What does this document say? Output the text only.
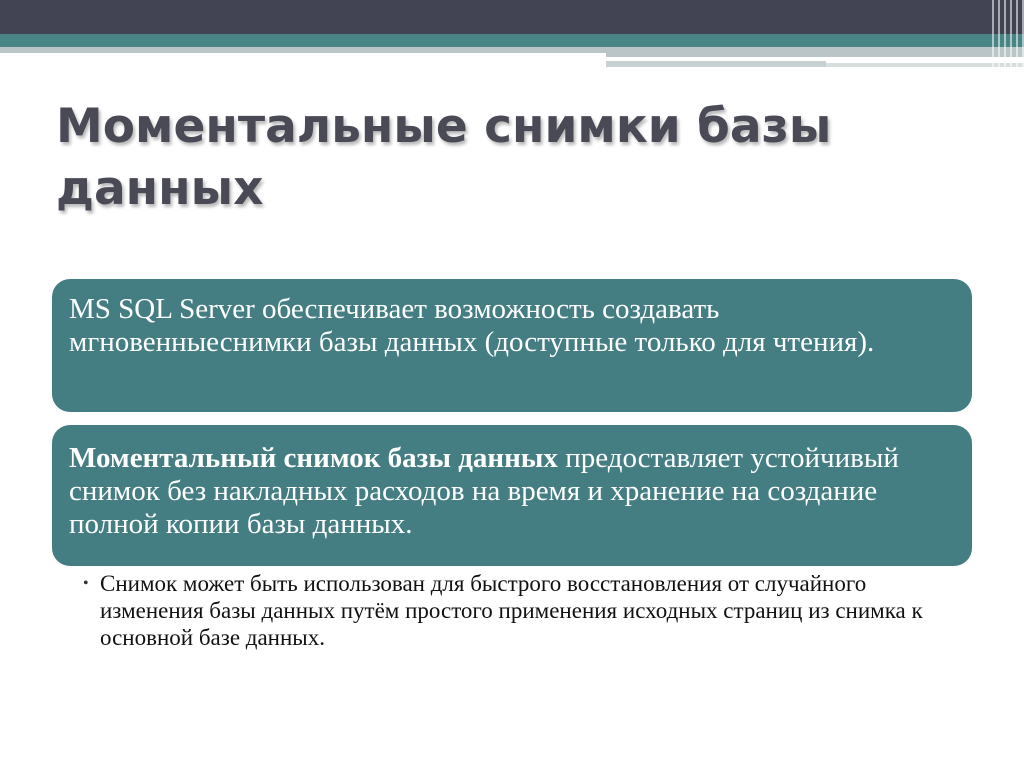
Моментальные снимки базы данных
MS SQL Server обеспечивает возможность создавать мгновенныеснимки базы данных (доступные только для чтения).
Моментальный снимок базы данных предоставляет устойчивый снимок без накладных расходов на время и хранение на создание полной копии базы данных.
• Снимок может быть использован для быстрого восстановления от случайного изменения базы данных путём простого применения исходных страниц из снимка к основной базе данных.
